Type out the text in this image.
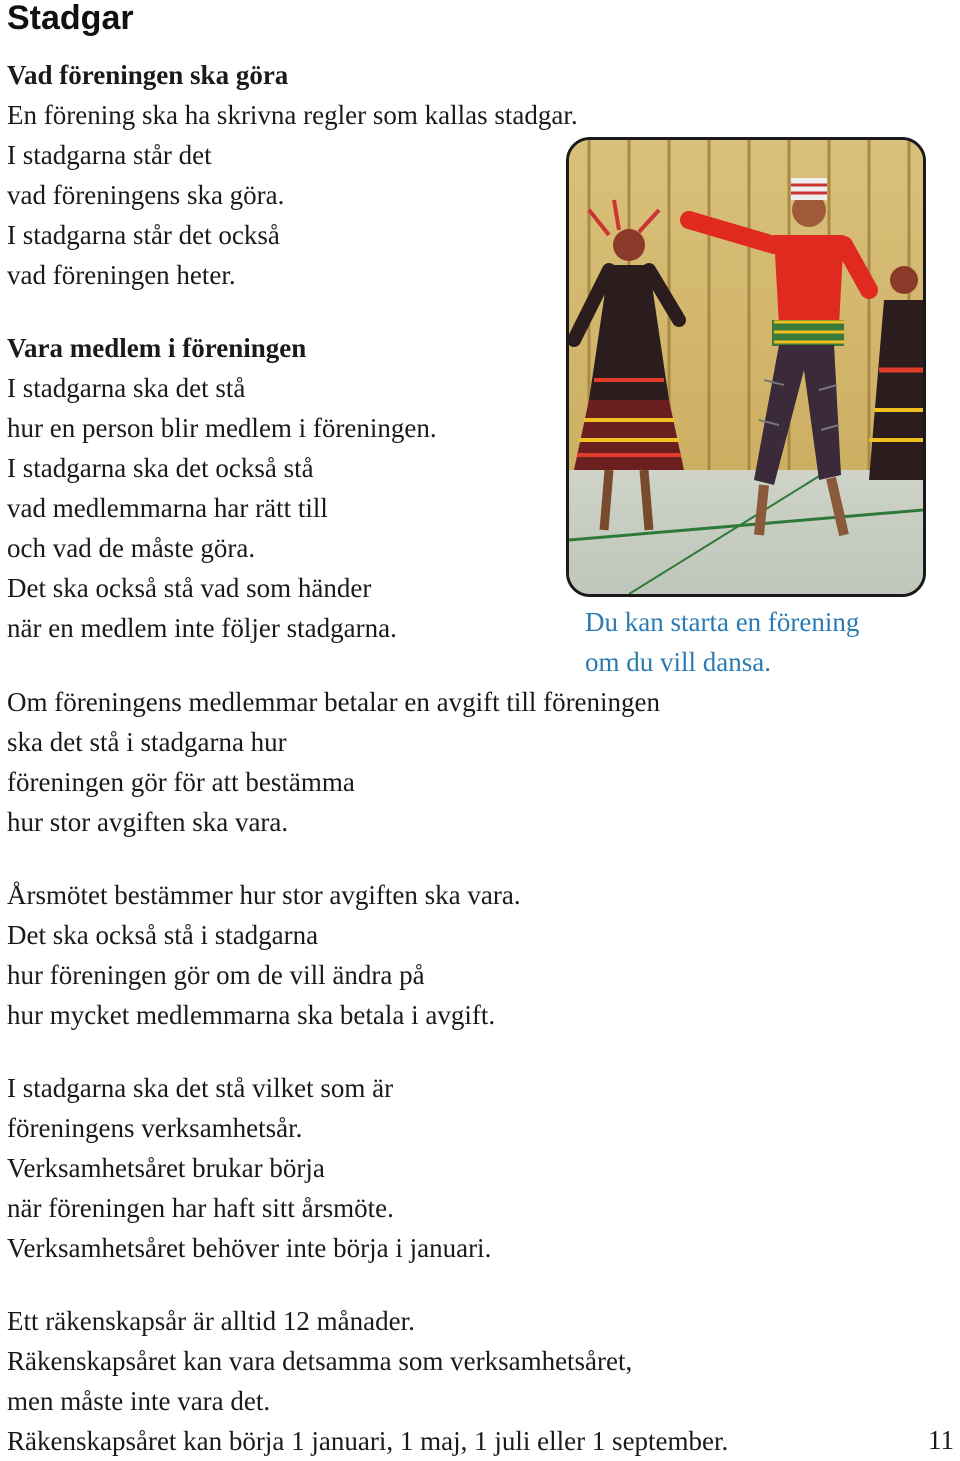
Stadgar
Vad föreningen ska göra
En förening ska ha skrivna regler som kallas stadgar.
I stadgarna står det
vad föreningens ska göra.
I stadgarna står det också
vad föreningen heter.
Vara medlem i föreningen
I stadgarna ska det stå
hur en person blir medlem i föreningen.
I stadgarna ska det också stå
vad medlemmarna har rätt till
och vad de måste göra.
Det ska också stå vad som händer
när en medlem inte följer stadgarna.	Du kan starta en förening
om du vill dansa.
Om föreningens medlemmar betalar en avgift till föreningen
ska det stå i stadgarna hur
föreningen gör för att bestämma
hur stor avgiften ska vara.
Årsmötet bestämmer hur stor avgiften ska vara.
Det ska också stå i stadgarna
hur föreningen gör om de vill ändra på
hur mycket medlemmarna ska betala i avgift.
I stadgarna ska det stå vilket som är
föreningens verksamhetsår.
Verksamhetsåret brukar börja
när föreningen har haft sitt årsmöte.
Verksamhetsåret behöver inte börja i januari.
Ett räkenskapsår är alltid 12 månader.
Räkenskapsåret kan vara detsamma som verksamhetsåret,
men måste inte vara det.
Räkenskapsåret kan börja 1 januari, 1 maj, 1 juli eller 1 september.	11
